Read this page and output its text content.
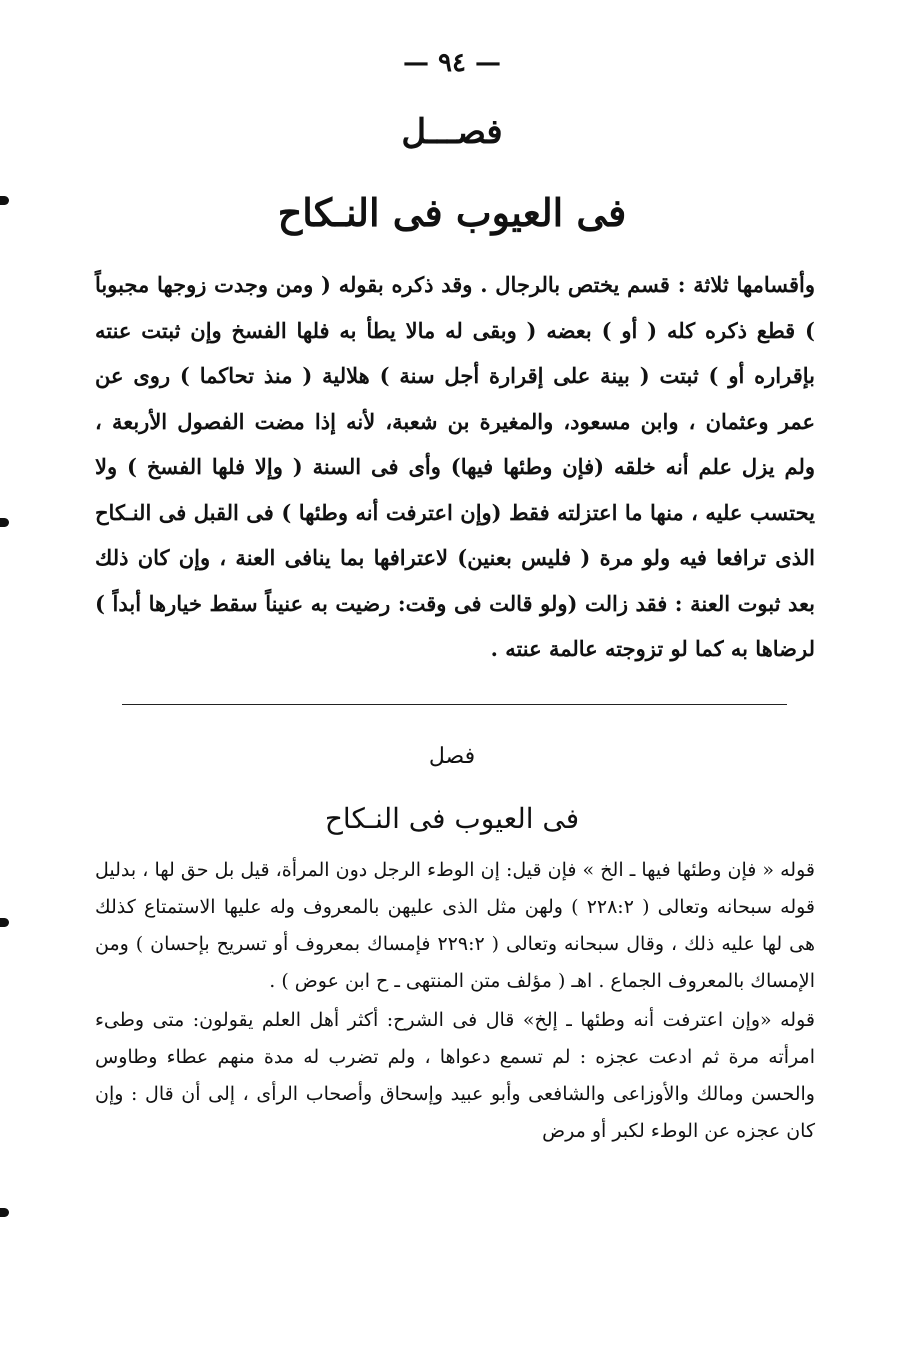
— ٩٤ —
فصـــل
فى العيوب فى النـكاح

وأقسامها ثلاثة : قسم يختص بالرجال . وقد ذكره بقوله ( ومن وجدت زوجها مجبوباً ) قطع ذكره كله ( أو ) بعضه ( وبقى له مالا يطأ به فلها الفسخ وإن ثبتت عنته بإقراره أو ) ثبتت ( بينة على إقرارة أجل سنة ) هلالية ( منذ تحاكما ) روى عن عمر وعثمان ، وابن مسعود، والمغيرة بن شعبة، لأنه إذا مضت الفصول الأربعة ، ولم يزل علم أنه خلقه (فإن وطئها فيها) وأى فى السنة ( وإلا فلها الفسخ ) ولا يحتسب عليه ، منها ما اعتزلته فقط (وإن اعترفت أنه وطئها ) فى القبل فى النـكاح الذى ترافعا فيه ولو مرة ( فليس بعنين) لاعترافها بما ينافى العنة ، وإن كان ذلك بعد ثبوت العنة : فقد زالت (ولو قالت فى وقت: رضيت به عنيناً سقط خيارها أبداً ) لرضاها به كما لو تزوجته عالمة عنته .

فصل
فى العيوب فى النـكاح

قوله « فإن وطئها فيها ـ الخ » فإن قيل: إن الوطء الرجل دون المرأة، قيل بل حق لها ، بدليل قوله سبحانه وتعالى ( ٢٢٨:٢ ) ولهن مثل الذى عليهن بالمعروف وله عليها الاستمتاع كذلك هى لها عليه ذلك ، وقال سبحانه وتعالى ( ٢٢٩:٢ فإمساك بمعروف أو تسريح بإحسان ) ومن الإمساك بالمعروف الجماع . اهـ ( مؤلف متن المنتهى ـ ح ابن عوض ) .

قوله «وإن اعترفت أنه وطئها ـ إلخ» قال فى الشرح: أكثر أهل العلم يقولون: متى وطىء امرأته مرة ثم ادعت عجزه : لم تسمع دعواها ، ولم تضرب له مدة منهم عطاء وطاوس والحسن ومالك والأوزاعى والشافعى وأبو عبيد وإسحاق وأصحاب الرأى ، إلى أن قال : وإن كان عجزه عن الوطء لكبر أو مرض
